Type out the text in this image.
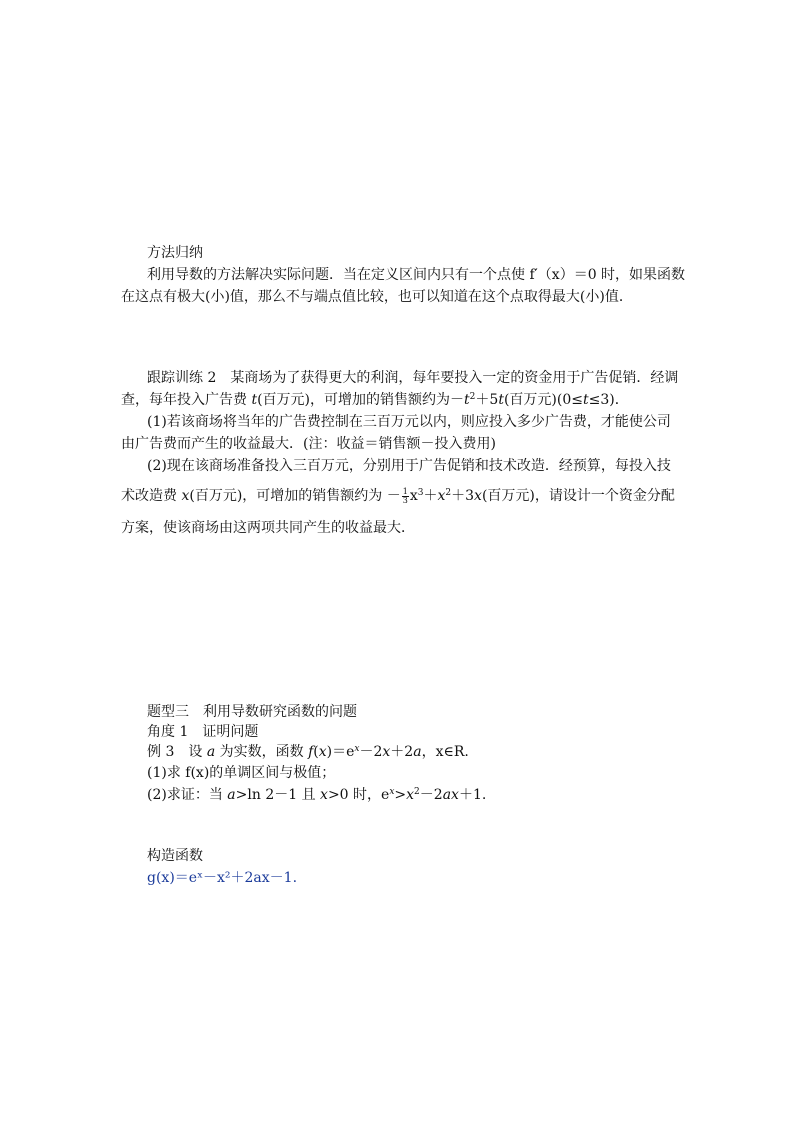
方法归纳
利用导数的方法解决实际问题．当在定义区间内只有一个点使 f′（x）＝0 时，如果函数
在这点有极大(小)值，那么不与端点值比较，也可以知道在这个点取得最大(小)值．
跟踪训练 2　某商场为了获得更大的利润，每年要投入一定的资金用于广告促销．经调
查，每年投入广告费 t(百万元)，可增加的销售额约为$-t^2+5t$(百万元)(0≤t≤3)．
(1)若该商场将当年的广告费控制在三百万元以内，则应投入多少广告费，才能使公司
由广告费而产生的收益最大．(注：收益＝销售额－投入费用)
(2)现在该商场准备投入三百万元，分别用于广告促销和技术改造．经预算，每投入技
术改造费 x(百万元)，可增加的销售额约为 － $\frac{1}{3} x^3+x^2+3x$(百万元)，请设计一个资金分配
方案，使该商场由这两项共同产生的收益最大．
题型三　利用导数研究函数的问题
角度 1　证明问题
例 3　设 a 为实数，函数 $f(x)=e^x-2x+2a$，x∈R.
(1)求 f(x)的单调区间与极值；
(2)求证：当 a>ln 2－1 且 x>0 时，$e^x>x^2-2ax+1$.
构造函数
g(x)＝eˣ－x²＋2ax－1.
